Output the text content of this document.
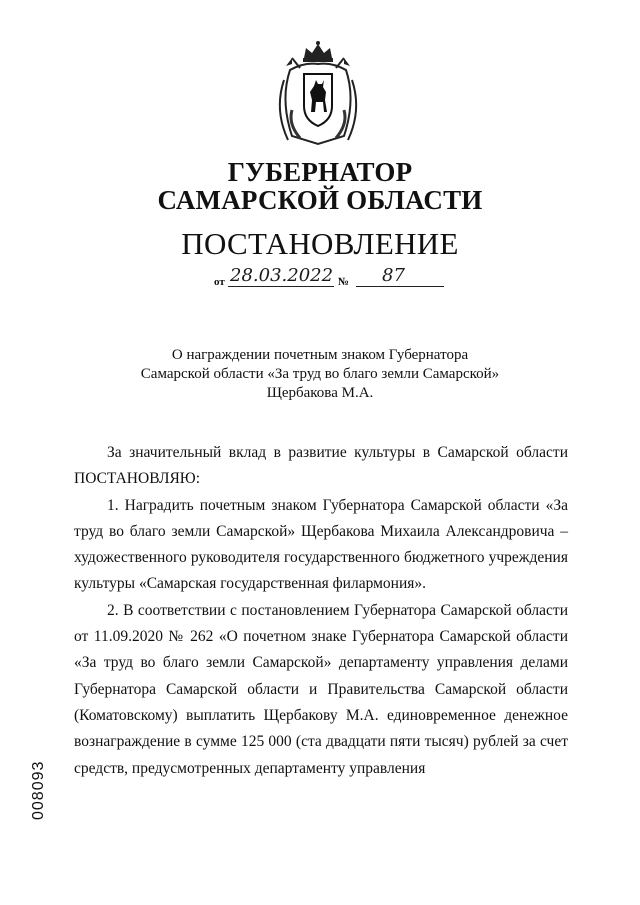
ГУБЕРНАТОР
САМАРСКОЙ ОБЛАСТИ
ПОСТАНОВЛЕНИЕ
от 28.03.2022 № 87
О награждении почетным знаком Губернатора
Самарской области «За труд во благо земли Самарской»
Щербакова М.А.

За значительный вклад в развитие культуры в Самарской области

ПОСТАНОВЛЯЮ:

1. Наградить почетным знаком Губернатора Самарской области «За труд во благо земли Самарской» Щербакова Михаила Александровича – художественного руководителя государственного бюджетного учреждения культуры «Самарская государственная филармония».

2. В соответствии с постановлением Губернатора Самарской области от 11.09.2020 № 262 «О почетном знаке Губернатора Самарской области «За труд во благо земли Самарской» департаменту управления делами Губернатора Самарской области и Правительства Самарской области (Коматовскому) выплатить Щербакову М.А. единовременное денежное вознаграждение в сумме 125 000 (ста двадцати пяти тысяч) рублей за счет средств, предусмотренных департаменту управления

008093
